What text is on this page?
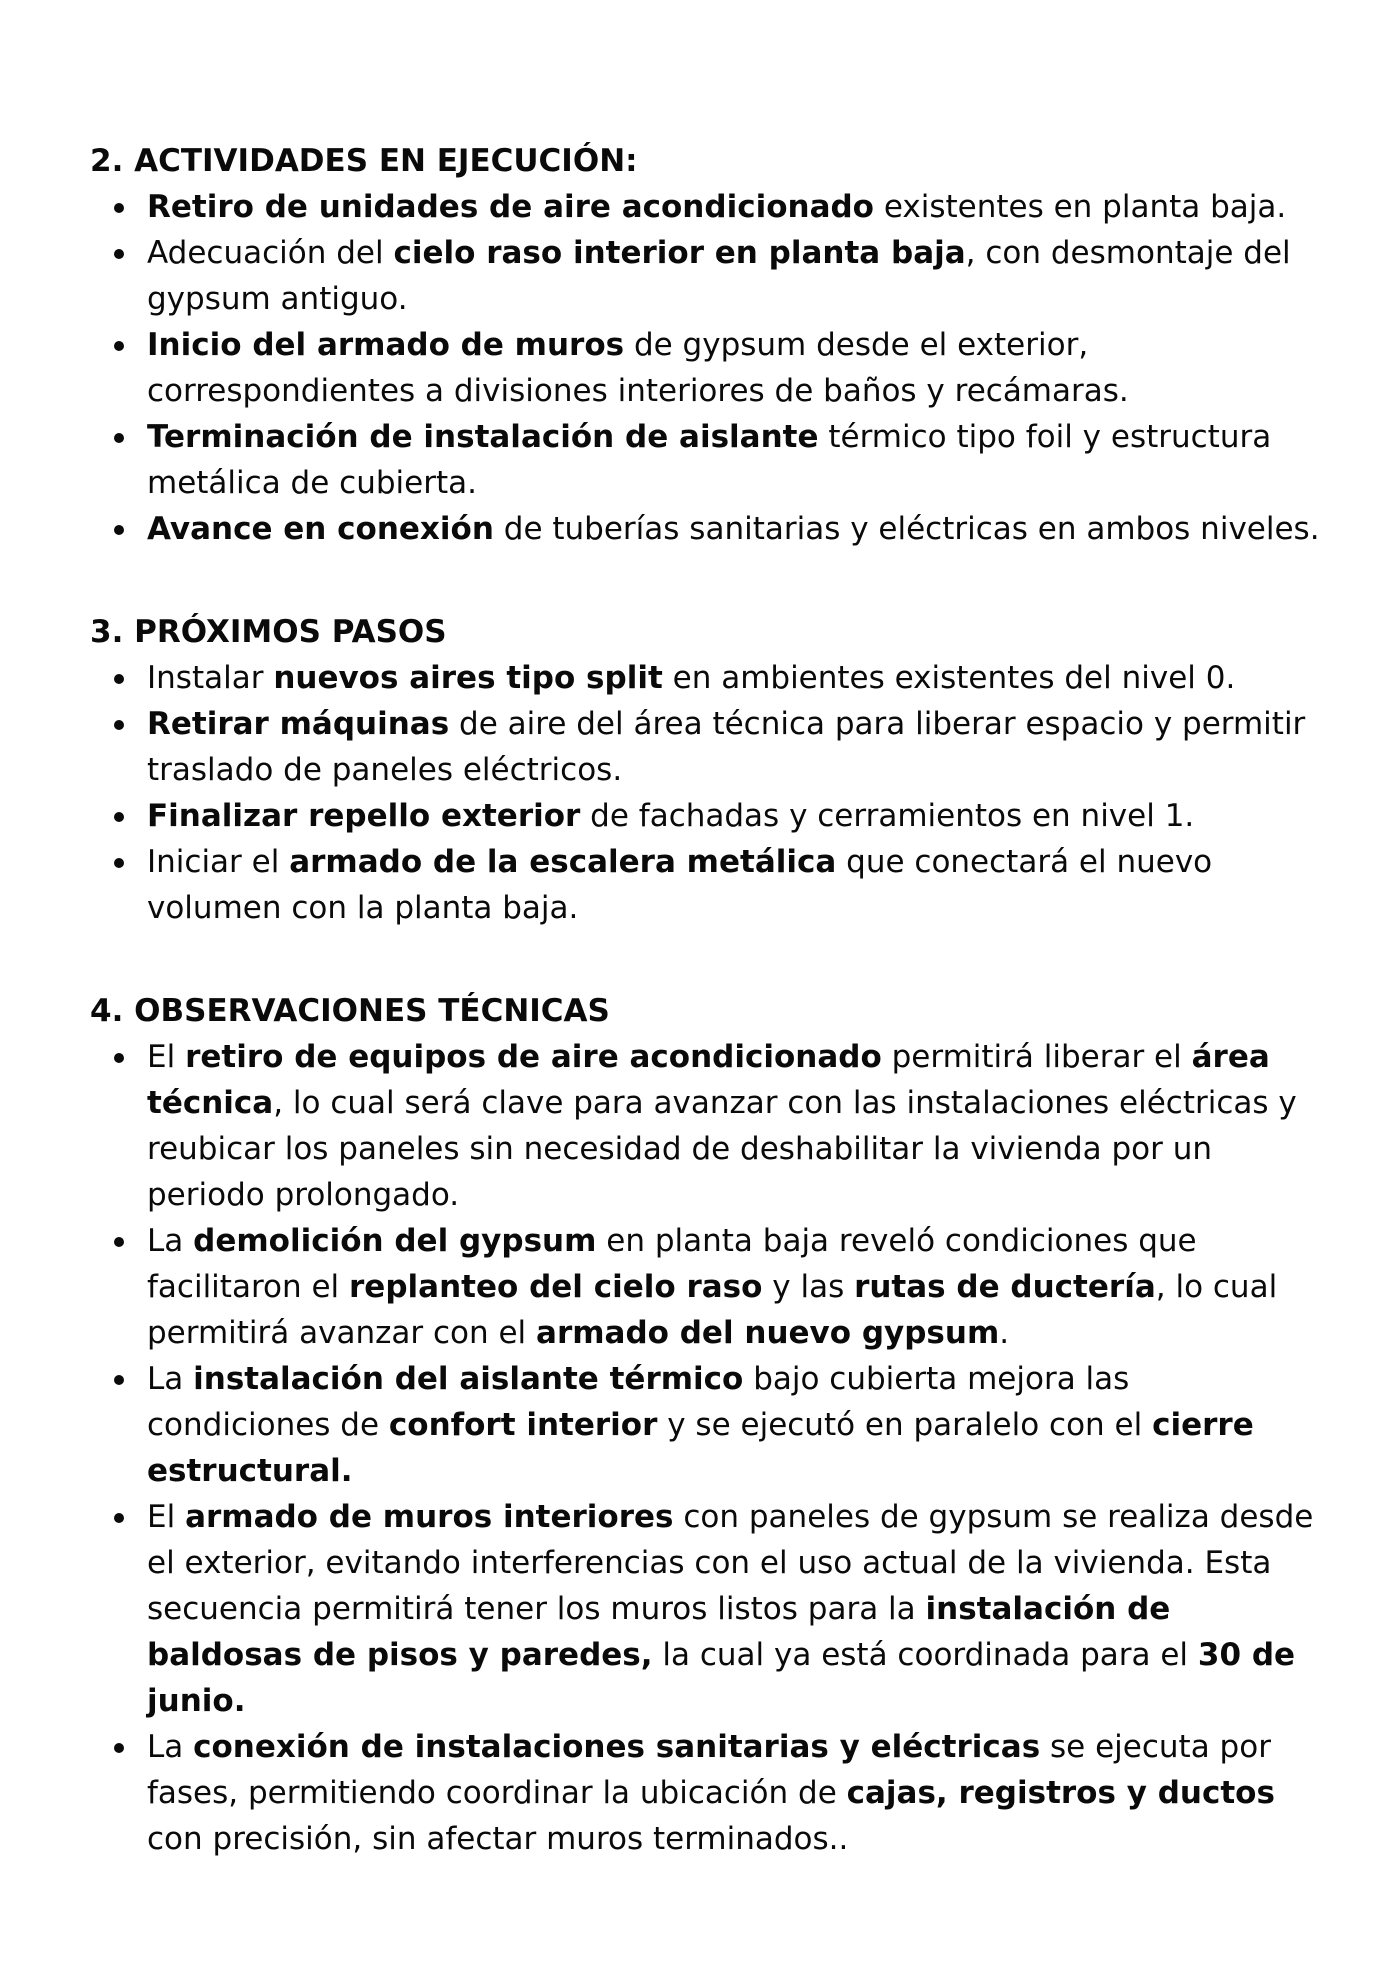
2. ACTIVIDADES EN EJECUCIÓN:
Retiro de unidades de aire acondicionado existentes en planta baja.
Adecuación del cielo raso interior en planta baja, con desmontaje del gypsum antiguo.
Inicio del armado de muros de gypsum desde el exterior, correspondientes a divisiones interiores de baños y recámaras.
Terminación de instalación de aislante térmico tipo foil y estructura metálica de cubierta.
Avance en conexión de tuberías sanitarias y eléctricas en ambos niveles.
3. PRÓXIMOS PASOS
Instalar nuevos aires tipo split en ambientes existentes del nivel 0.
Retirar máquinas de aire del área técnica para liberar espacio y permitir traslado de paneles eléctricos.
Finalizar repello exterior de fachadas y cerramientos en nivel 1.
Iniciar el armado de la escalera metálica que conectará el nuevo volumen con la planta baja.
4. OBSERVACIONES TÉCNICAS
El retiro de equipos de aire acondicionado permitirá liberar el área técnica, lo cual será clave para avanzar con las instalaciones eléctricas y reubicar los paneles sin necesidad de deshabilitar la vivienda por un periodo prolongado.
La demolición del gypsum en planta baja reveló condiciones que facilitaron el replanteo del cielo raso y las rutas de ductería, lo cual permitirá avanzar con el armado del nuevo gypsum.
La instalación del aislante térmico bajo cubierta mejora las condiciones de confort interior y se ejecutó en paralelo con el cierre estructural.
El armado de muros interiores con paneles de gypsum se realiza desde el exterior, evitando interferencias con el uso actual de la vivienda. Esta secuencia permitirá tener los muros listos para la instalación de baldosas de pisos y paredes, la cual ya está coordinada para el 30 de junio.
La conexión de instalaciones sanitarias y eléctricas se ejecuta por fases, permitiendo coordinar la ubicación de cajas, registros y ductos con precisión, sin afectar muros terminados..
